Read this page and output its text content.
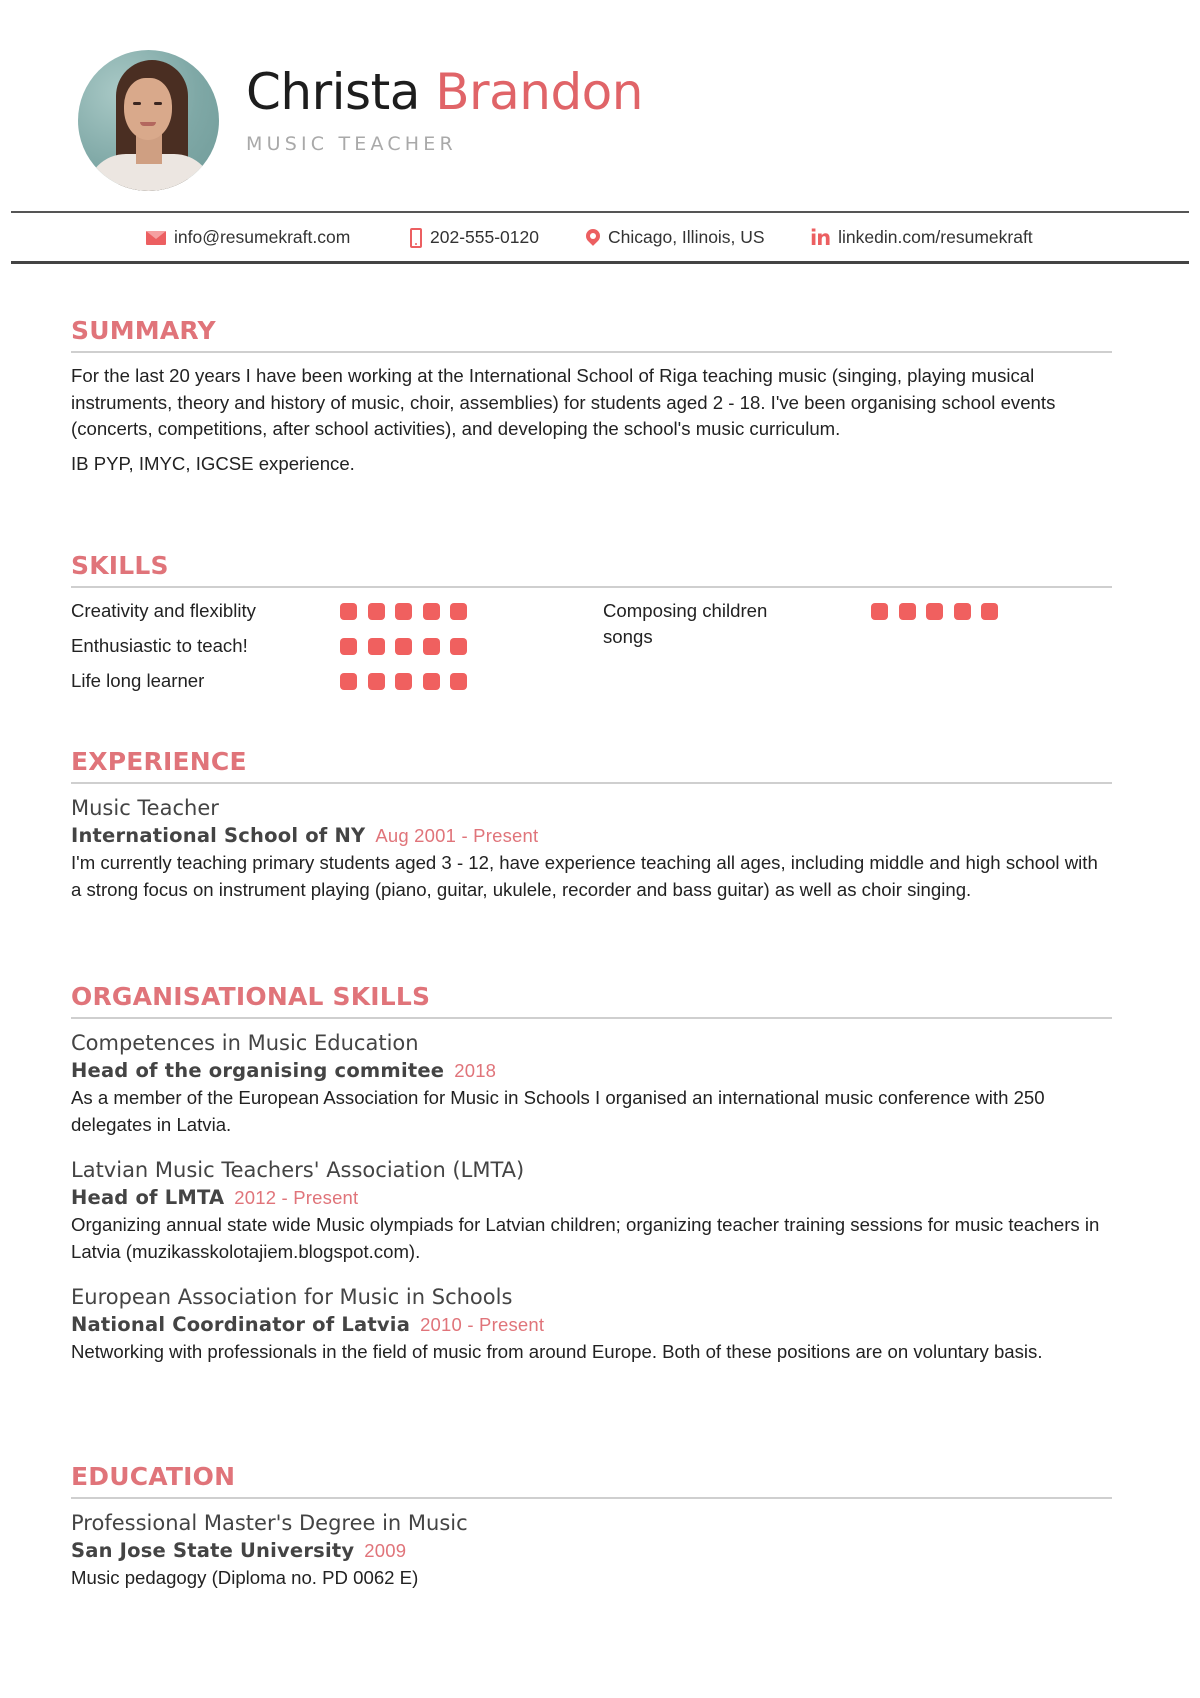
Christa Brandon
MUSIC TEACHER
info@resumekraft.com	202-555-0120	Chicago, Illinois, US in linkedin.com/resumekraft
SUMMARY

For the last 20 years I have been working at the International School of Riga teaching music (singing, playing musical instruments, theory and history of music, choir, assemblies) for students aged 2 - 18. I've been organising school events (concerts, competitions, after school activities), and developing the school's music curriculum.

IB PYP, IMYC, IGCSE experience.

SKILLS
Creativity and flexiblity
Enthusiastic to teach!
Life long learner
Composing children songs
EXPERIENCE
Music Teacher
International School of NY Aug 2001 - Present

I'm currently teaching primary students aged 3 - 12, have experience teaching all ages, including middle and high school with a strong focus on instrument playing (piano, guitar, ukulele, recorder and bass guitar) as well as choir singing.

ORGANISATIONAL SKILLS
Competences in Music Education
Head of the organising commitee 2018

As a member of the European Association for Music in Schools I organised an international music conference with 250 delegates in Latvia.

Latvian Music Teachers' Association (LMTA)
Head of LMTA 2012 - Present

Organizing annual state wide Music olympiads for Latvian children; organizing teacher training sessions for music teachers in Latvia (muzikasskolotajiem.blogspot.com).

European Association for Music in Schools
National Coordinator of Latvia 2010 - Present

Networking with professionals in the field of music from around Europe. Both of these positions are on voluntary basis.

EDUCATION
Professional Master's Degree in Music
San Jose State University 2009

Music pedagogy (Diploma no. PD 0062 E)
